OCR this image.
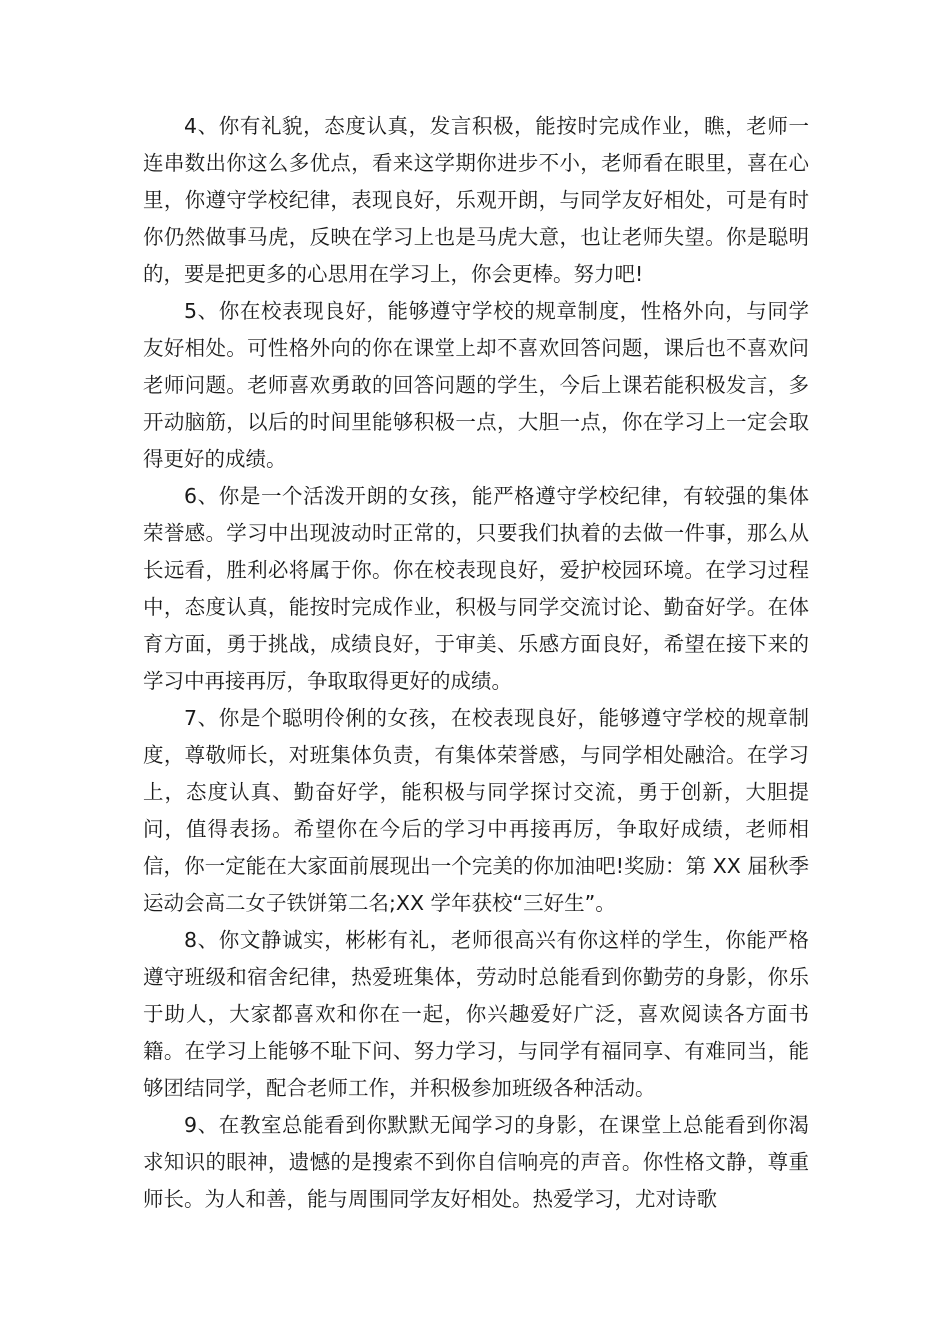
4、你有礼貌，态度认真，发言积极，能按时完成作业，瞧，老师一连串数出你这么多优点，看来这学期你进步不小，老师看在眼里，喜在心里，你遵守学校纪律，表现良好，乐观开朗，与同学友好相处，可是有时你仍然做事马虎，反映在学习上也是马虎大意，也让老师失望。你是聪明的，要是把更多的心思用在学习上，你会更棒。努力吧!

5、你在校表现良好，能够遵守学校的规章制度，性格外向，与同学友好相处。可性格外向的你在课堂上却不喜欢回答问题，课后也不喜欢问老师问题。老师喜欢勇敢的回答问题的学生，今后上课若能积极发言，多开动脑筋，以后的时间里能够积极一点，大胆一点，你在学习上一定会取得更好的成绩。

6、你是一个活泼开朗的女孩，能严格遵守学校纪律，有较强的集体荣誉感。学习中出现波动时正常的，只要我们执着的去做一件事，那么从长远看，胜利必将属于你。你在校表现良好，爱护校园环境。在学习过程中，态度认真，能按时完成作业，积极与同学交流讨论、勤奋好学。在体育方面，勇于挑战，成绩良好，于审美、乐感方面良好，希望在接下来的学习中再接再厉，争取取得更好的成绩。

7、你是个聪明伶俐的女孩，在校表现良好，能够遵守学校的规章制度，尊敬师长，对班集体负责，有集体荣誉感，与同学相处融洽。在学习上，态度认真、勤奋好学，能积极与同学探讨交流，勇于创新，大胆提问，值得表扬。希望你在今后的学习中再接再厉，争取好成绩，老师相信，你一定能在大家面前展现出一个完美的你加油吧!奖励：第 XX 届秋季运动会高二女子铁饼第二名;XX 学年获校“三好生”。

8、你文静诚实，彬彬有礼，老师很高兴有你这样的学生，你能严格遵守班级和宿舍纪律，热爱班集体，劳动时总能看到你勤劳的身影，你乐于助人，大家都喜欢和你在一起，你兴趣爱好广泛，喜欢阅读各方面书籍。在学习上能够不耻下问、努力学习，与同学有福同享、有难同当，能够团结同学，配合老师工作，并积极参加班级各种活动。

9、在教室总能看到你默默无闻学习的身影，在课堂上总能看到你渴求知识的眼神，遗憾的是搜索不到你自信响亮的声音。你性格文静，尊重师长。为人和善，能与周围同学友好相处。热爱学习，尤对诗歌
